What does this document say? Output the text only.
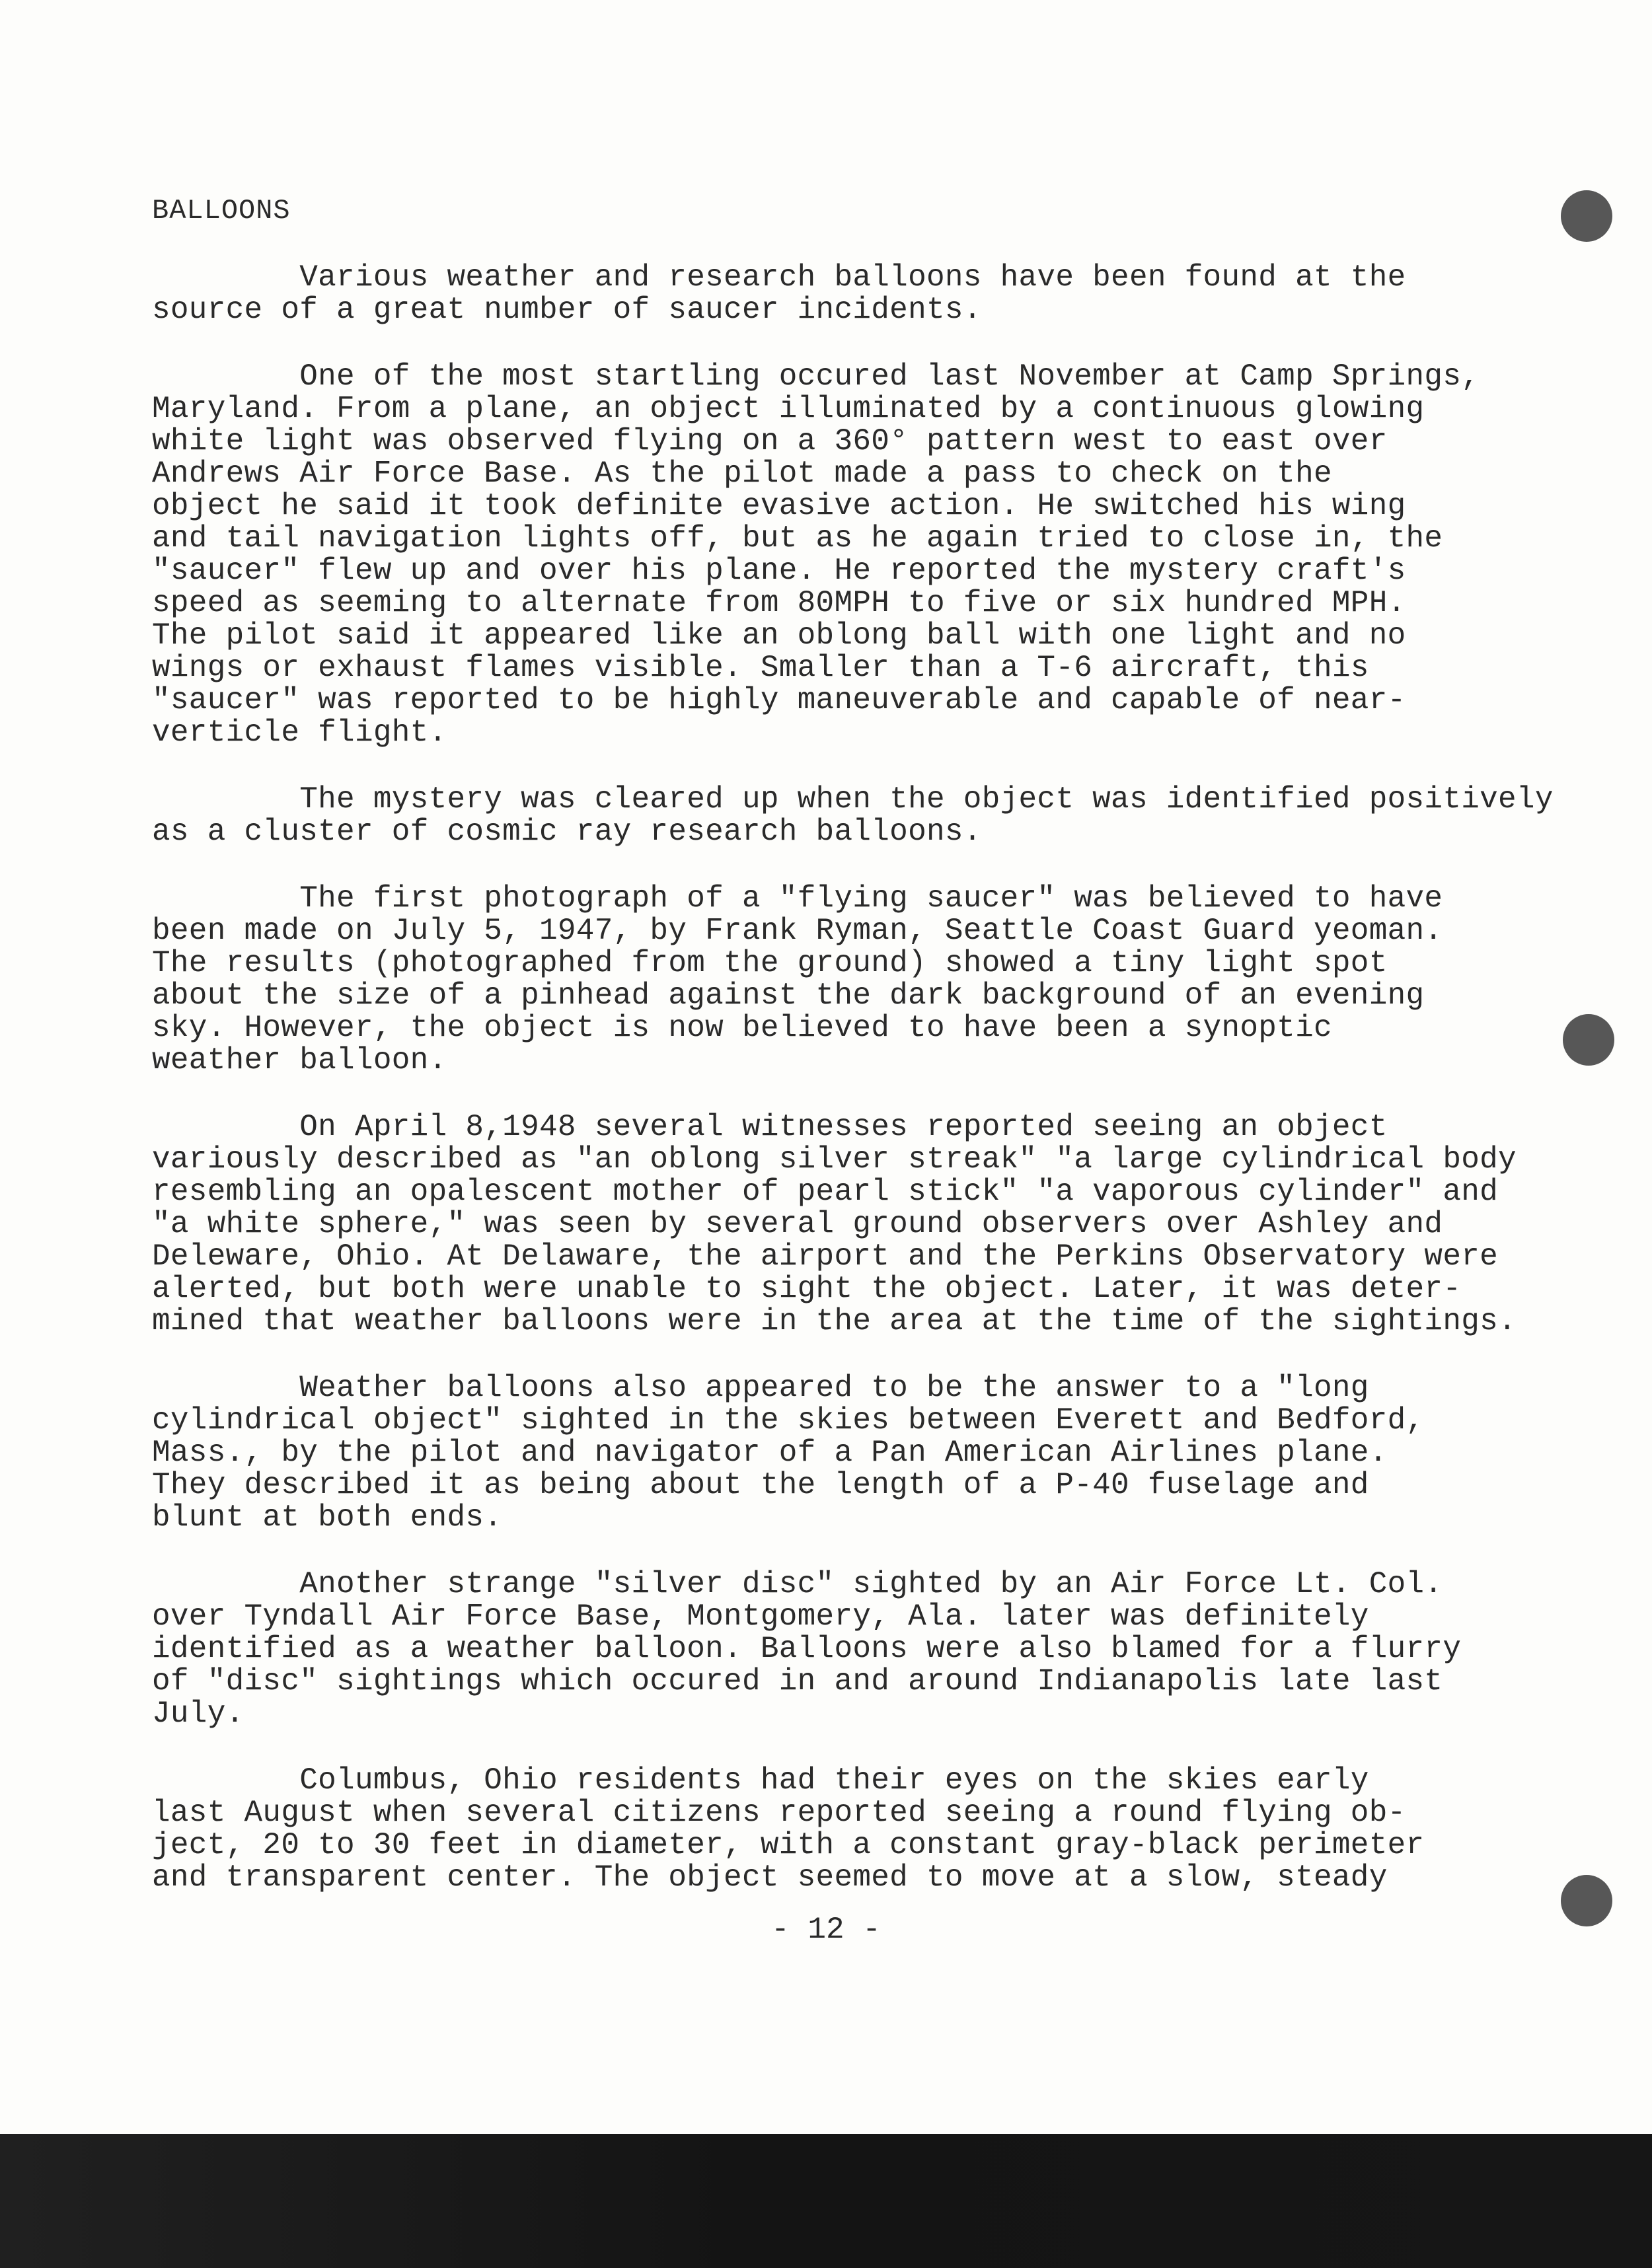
BALLOONS
Various weather and research balloons have been found at the
source of a great number of saucer incidents.
One of the most startling occured last November at Camp Springs,
Maryland. From a plane, an object illuminated by a continuous glowing
white light was observed flying on a 360° pattern west to east over
Andrews Air Force Base. As the pilot made a pass to check on the
object he said it took definite evasive action. He switched his wing
and tail navigation lights off, but as he again tried to close in, the
"saucer" flew up and over his plane. He reported the mystery craft's
speed as seeming to alternate from 80MPH to five or six hundred MPH.
The pilot said it appeared like an oblong ball with one light and no
wings or exhaust flames visible. Smaller than a T-6 aircraft, this
"saucer" was reported to be highly maneuverable and capable of near-
verticle flight.
The mystery was cleared up when the object was identified positively
as a cluster of cosmic ray research balloons.
The first photograph of a "flying saucer" was believed to have
been made on July 5, 1947, by Frank Ryman, Seattle Coast Guard yeoman.
The results (photographed from the ground) showed a tiny light spot
about the size of a pinhead against the dark background of an evening
sky. However, the object is now believed to have been a synoptic
weather balloon.
On April 8,1948 several witnesses reported seeing an object
variously described as "an oblong silver streak" "a large cylindrical body
resembling an opalescent mother of pearl stick" "a vaporous cylinder" and
"a white sphere," was seen by several ground observers over Ashley and
Deleware, Ohio. At Delaware, the airport and the Perkins Observatory were
alerted, but both were unable to sight the object. Later, it was deter-
mined that weather balloons were in the area at the time of the sightings.
Weather balloons also appeared to be the answer to a "long
cylindrical object" sighted in the skies between Everett and Bedford,
Mass., by the pilot and navigator of a Pan American Airlines plane.
They described it as being about the length of a P-40 fuselage and
blunt at both ends.
Another strange "silver disc" sighted by an Air Force Lt. Col.
over Tyndall Air Force Base, Montgomery, Ala. later was definitely
identified as a weather balloon. Balloons were also blamed for a flurry
of "disc" sightings which occured in and around Indianapolis late last
July.
Columbus, Ohio residents had their eyes on the skies early
last August when several citizens reported seeing a round flying ob-
ject, 20 to 30 feet in diameter, with a constant gray-black perimeter
and transparent center. The object seemed to move at a slow, steady
- 12 -
